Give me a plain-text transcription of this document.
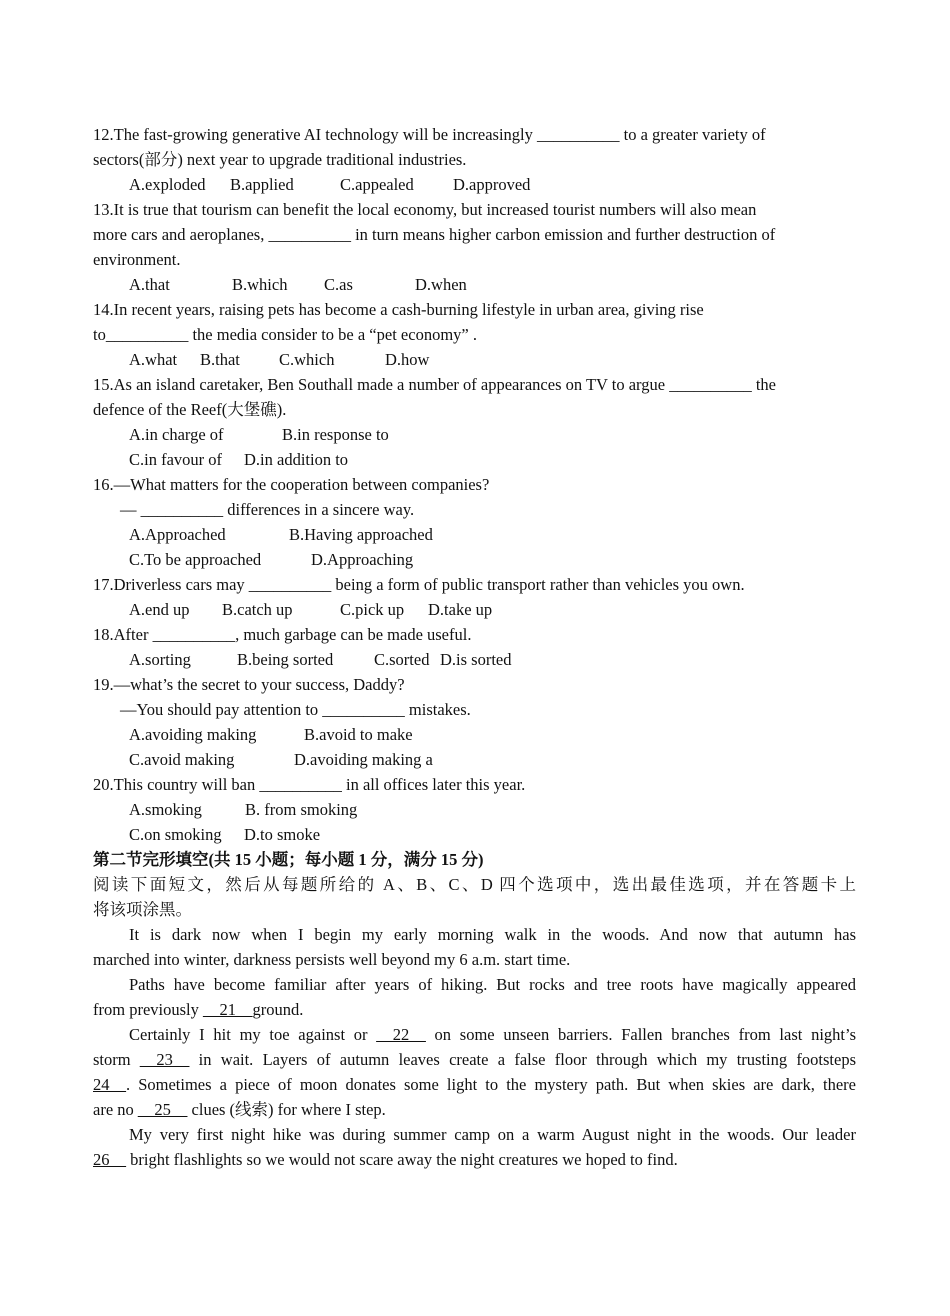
12.The fast-growing generative AI technology will be increasingly __________ to a greater variety of
sectors(部分) next year to upgrade traditional industries.
A.exploded B.applied	C.appealed D.approved
13.It is true that tourism can benefit the local economy, but increased tourist numbers will also mean
more cars and aeroplanes, __________ in turn means higher carbon emission and further destruction of
environment.
A.that	B.which C.as	D.when
14.In recent years, raising pets has become a cash-burning lifestyle in urban area, giving rise
to__________ the media consider to be a “pet economy” .
A.what B.that C.which	D.how
15.As an island caretaker, Ben Southall made a number of appearances on TV to argue __________ the
defence of the Reef(大堡礁).
A.in charge of	B.in response to
C.in favour of D.in addition to
16.—What matters for the cooperation between companies?
— __________ differences in a sincere way.
A.Approached	B.Having approached
C.To be approached	D.Approaching
17.Driverless cars may __________ being a form of public transport rather than vehicles you own.
A.end up B.catch up	C.pick up D.take up
18.After __________, much garbage can be made useful.
A.sorting	B.being sorted C.sorted D.is sorted
19.—what’s the secret to your success, Daddy?
—You should pay attention to __________ mistakes.
A.avoiding making	B.avoid to make
C.avoid making	D.avoiding making a
20.This country will ban __________ in all offices later this year.
A.smoking	B. from smoking
C.on smoking D.to smoke
第二节完形填空(共 15 小题；每小题 1 分，满分 15 分)
阅读下面短文，然后从每题所给的 A、B、C、D 四个选项中，选出最佳选项，并在答题卡上
将该项涂黑。
It is dark now when I begin my early morning walk in the woods. And now that autumn has
marched into winter, darkness persists well beyond my 6 a.m. start time.
Paths have become familiar after years of hiking. But rocks and tree roots have magically appeared
from previously __21__ground.
Certainly I hit my toe against or __22__ on some unseen barriers. Fallen branches from last night’s
storm __23__ in wait. Layers of autumn leaves create a false floor through which my trusting footsteps
24__. Sometimes a piece of moon donates some light to the mystery path. But when skies are dark, there
are no __25__ clues (线索) for where I step.
My very first night hike was during summer camp on a warm August night in the woods. Our leader
26__ bright flashlights so we would not scare away the night creatures we hoped to find.
